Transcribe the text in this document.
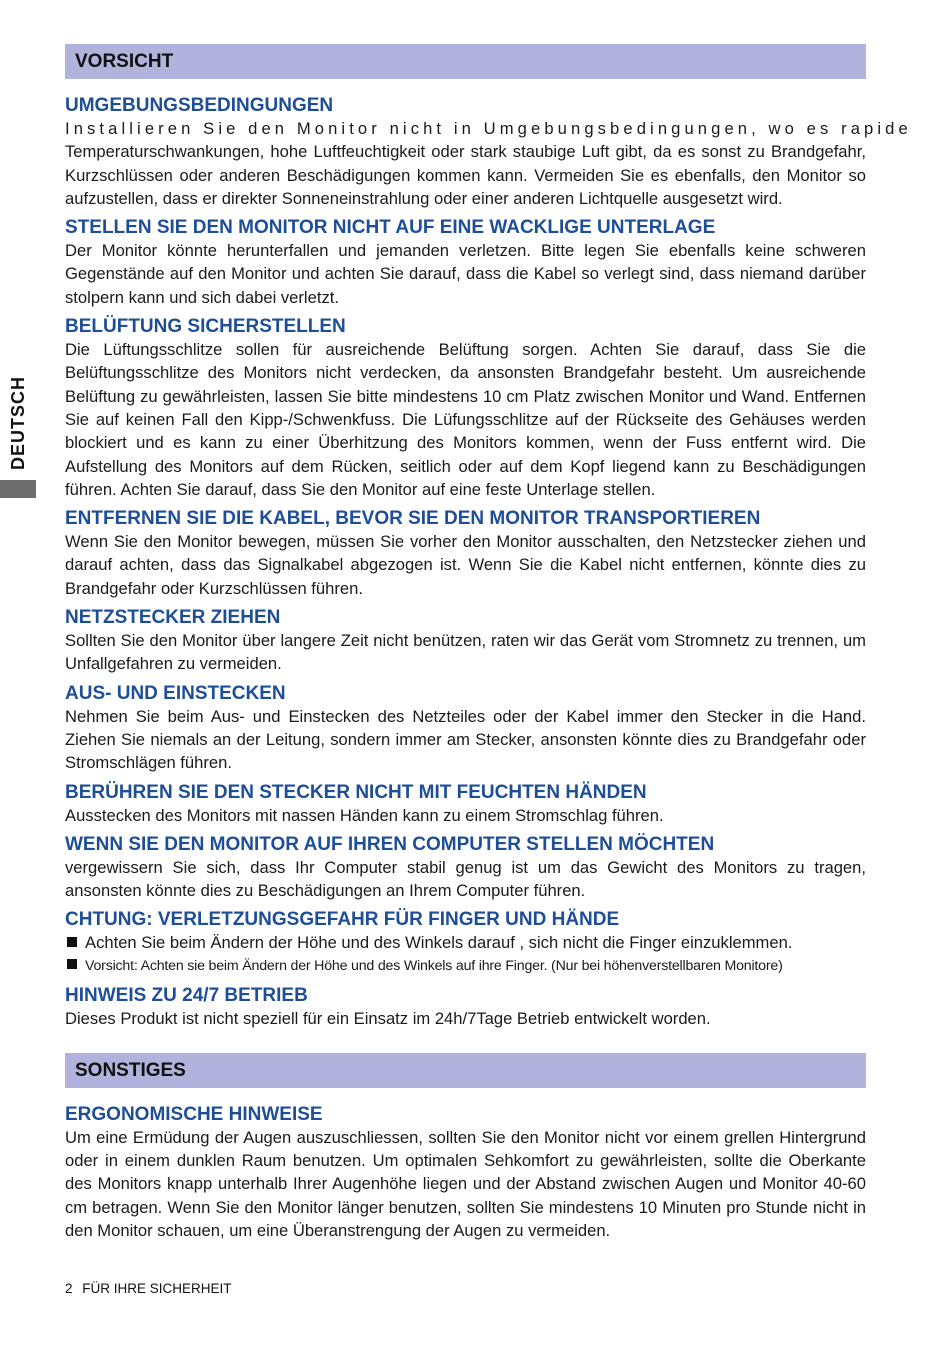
DEUTSCH
VORSICHT

UMGEBUNGSBEDINGUNGEN

Installieren Sie den Monitor nicht in Umgebungsbedingungen, wo es rapide

Temperaturschwankungen, hohe Luftfeuchtigkeit oder stark staubige Luft gibt, da es sonst zu Brandgefahr, Kurzschlüssen oder anderen Beschädigungen kommen kann. Vermeiden Sie es ebenfalls, den Monitor so aufzustellen, dass er direkter Sonneneinstrahlung oder einer anderen Lichtquelle ausgesetzt wird.

STELLEN SIE DEN MONITOR NICHT AUF EINE WACKLIGE UNTERLAGE

Der Monitor könnte herunterfallen und jemanden verletzen. Bitte legen Sie ebenfalls keine schweren Gegenstände auf den Monitor und achten Sie darauf, dass die Kabel so verlegt sind, dass niemand darüber stolpern kann und sich dabei verletzt.

BELÜFTUNG SICHERSTELLEN

Die Lüftungsschlitze sollen für ausreichende Belüftung sorgen. Achten Sie darauf, dass Sie die Belüftungsschlitze des Monitors nicht verdecken, da ansonsten Brandgefahr besteht. Um ausreichende Belüftung zu gewährleisten, lassen Sie bitte mindestens 10 cm Platz zwischen Monitor und Wand. Entfernen Sie auf keinen Fall den Kipp-/Schwenkfuss. Die Lüfungsschlitze auf der Rückseite des Gehäuses werden blockiert und es kann zu einer Überhitzung des Monitors kommen, wenn der Fuss entfernt wird. Die Aufstellung des Monitors auf dem Rücken, seitlich oder auf dem Kopf liegend kann zu Beschädigungen führen. Achten Sie darauf, dass Sie den Monitor auf eine feste Unterlage stellen.

ENTFERNEN SIE DIE KABEL, BEVOR SIE DEN MONITOR TRANSPORTIEREN

Wenn Sie den Monitor bewegen, müssen Sie vorher den Monitor ausschalten, den Netzstecker ziehen und darauf achten, dass das Signalkabel abgezogen ist. Wenn Sie die Kabel nicht entfernen, könnte dies zu Brandgefahr oder Kurzschlüssen führen.

NETZSTECKER ZIEHEN

Sollten Sie den Monitor über langere Zeit nicht benützen, raten wir das Gerät vom Stromnetz zu trennen, um Unfallgefahren zu vermeiden.

AUS- UND EINSTECKEN

Nehmen Sie beim Aus- und Einstecken des Netzteiles oder der Kabel immer den Stecker in die Hand. Ziehen Sie niemals an der Leitung, sondern immer am Stecker, ansonsten könnte dies zu Brandgefahr oder Stromschlägen führen.

BERÜHREN SIE DEN STECKER NICHT MIT FEUCHTEN HÄNDEN

Ausstecken des Monitors mit nassen Händen kann zu einem Stromschlag führen.

WENN SIE DEN MONITOR AUF IHREN COMPUTER STELLEN MÖCHTEN

vergewissern Sie sich, dass Ihr Computer stabil genug ist um das Gewicht des Monitors zu tragen, ansonsten könnte dies zu Beschädigungen an Ihrem Computer führen.

CHTUNG: VERLETZUNGSGEFAHR FÜR FINGER UND HÄNDE

Achten Sie beim Ändern der Höhe und des Winkels darauf , sich nicht die Finger einzuklemmen.
Vorsicht: Achten sie beim Ändern der Höhe und des Winkels auf ihre Finger. (Nur bei höhenverstellbaren Monitore)

HINWEIS ZU 24/7 BETRIEB

Dieses Produkt ist nicht speziell für ein Einsatz im 24h/7Tage Betrieb entwickelt worden.

SONSTIGES

ERGONOMISCHE HINWEISE

Um eine Ermüdung der Augen auszuschliessen, sollten Sie den Monitor nicht vor einem grellen Hintergrund oder in einem dunklen Raum benutzen. Um optimalen Sehkomfort zu gewährleisten, sollte die Oberkante des Monitors knapp unterhalb Ihrer Augenhöhe liegen und der Abstand zwischen Augen und Monitor 40-60 cm betragen. Wenn Sie den Monitor länger benutzen, sollten Sie mindestens 10 Minuten pro Stunde nicht in den Monitor schauen, um eine Überanstrengung der Augen zu vermeiden.

2 FÜR IHRE SICHERHEIT
